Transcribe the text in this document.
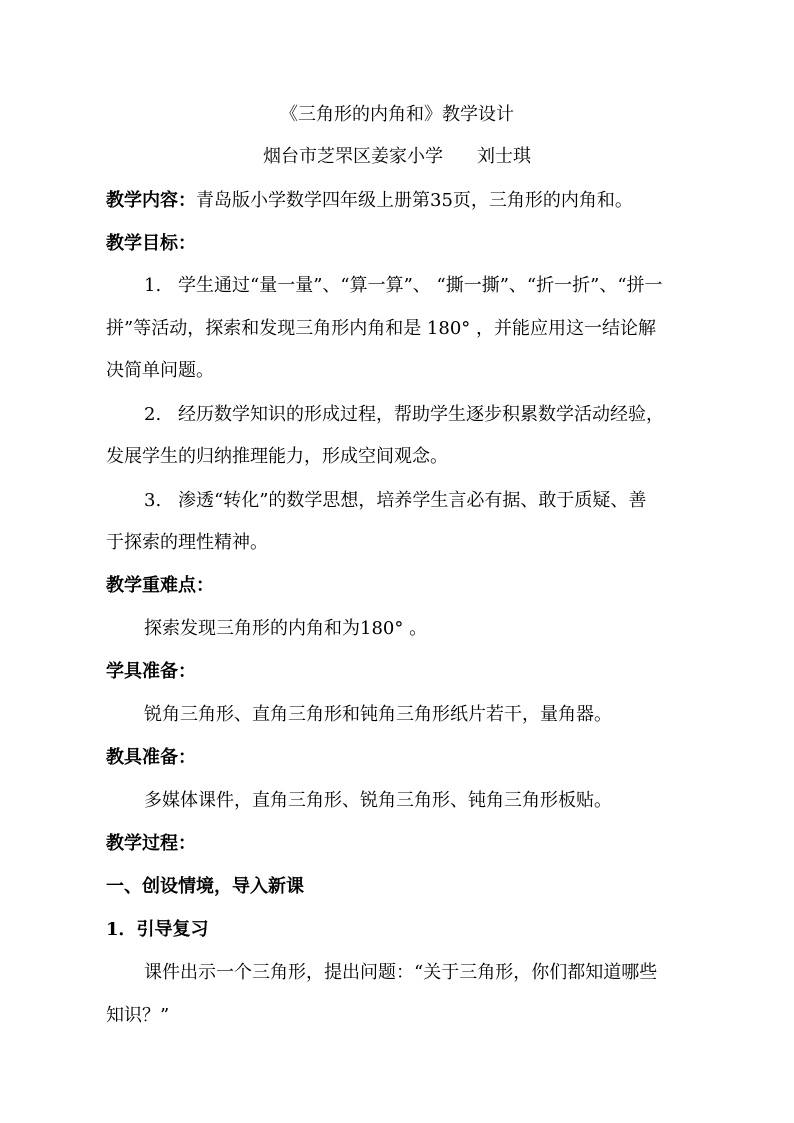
《三角形的内角和》教学设计
烟台市芝罘区姜家小学 刘士琪
教学内容：青岛版小学数学四年级上册第35页，三角形的内角和。
教学目标：
1. 学生通过“量一量”、“算一算”、 “撕一撕”、“折一折”、“拼一
拼”等活动，探索和发现三角形内角和是 180° ，并能应用这一结论解
决简单问题。
2. 经历数学知识的形成过程，帮助学生逐步积累数学活动经验，
发展学生的归纳推理能力，形成空间观念。
3. 渗透“转化”的数学思想，培养学生言必有据、敢于质疑、善
于探索的理性精神。
教学重难点：
探索发现三角形的内角和为180° 。
学具准备：
锐角三角形、直角三角形和钝角三角形纸片若干，量角器。
教具准备：
多媒体课件，直角三角形、锐角三角形、钝角三角形板贴。
教学过程：
一、创设情境，导入新课
1．引导复习
课件出示一个三角形，提出问题：“关于三角形，你们都知道哪些
知识？”
